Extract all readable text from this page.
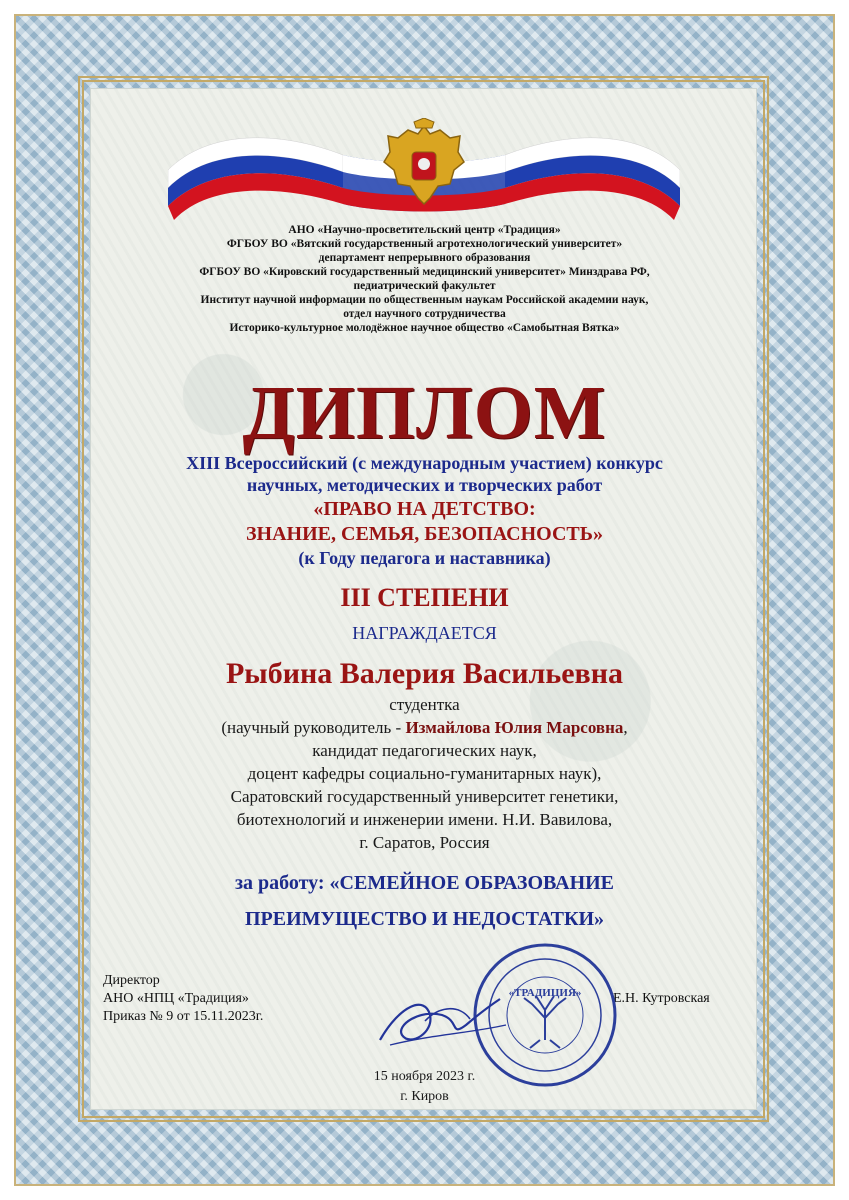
АНО «Научно-просветительский центр «Традиция»
ФГБОУ ВО «Вятский государственный агротехнологический университет»
департамент непрерывного образования
ФГБОУ ВО «Кировский государственный медицинский университет» Минздрава РФ,
педиатрический факультет
Институт научной информации по общественным наукам Российской академии наук,
отдел научного сотрудничества
Историко-культурное молодёжное научное общество «Самобытная Вятка»
ДИПЛОМ
XIII Всероссийский (с международным участием) конкурс
научных, методических и творческих работ
«ПРАВО НА ДЕТСТВО:
ЗНАНИЕ, СЕМЬЯ, БЕЗОПАСНОСТЬ»
(к Году педагога и наставника)
III СТЕПЕНИ
НАГРАЖДАЕТСЯ
Рыбина Валерия Васильевна
студентка
(научный руководитель - Измайлова Юлия Марсовна,
кандидат педагогических наук,
доцент кафедры социально-гуманитарных наук),
Саратовский государственный университет генетики,
биотехнологий и инженерии имени. Н.И. Вавилова,
г. Саратов, Россия
за работу: «СЕМЕЙНОЕ ОБРАЗОВАНИЕ
ПРЕИМУЩЕСТВО И НЕДОСТАТКИ»
Директор
АНО «НПЦ «Традиция»
Приказ № 9 от 15.11.2023г.
Е.Н. Кутровская
«ТРАДИЦИЯ»
15 ноября 2023 г.
г. Киров
